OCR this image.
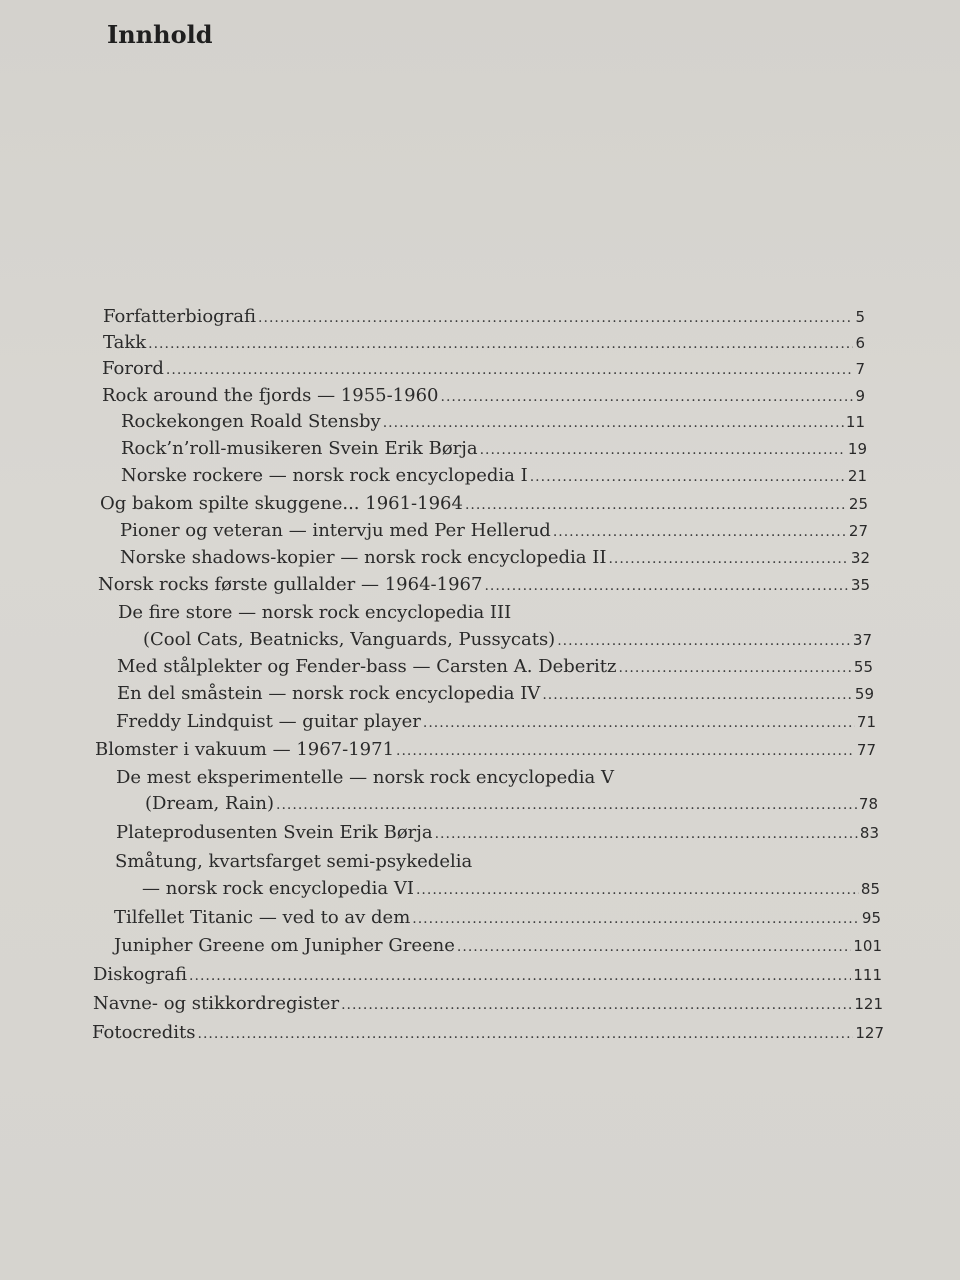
Innhold
Forfatterbiografi .....	5
Takk .....	6
Forord .....	7
Rock around the fjords — 1955-1960 .....	9
Rockekongen Roald Stensby .....	11
Rock’n’roll-musikeren Svein Erik Børja .....	19
Norske rockere — norsk rock encyclopedia I .....	21
Og bakom spilte skuggene... 1961-1964 .....	25
Pioner og veteran — intervju med Per Hellerud .....	27
Norske shadows-kopier — norsk rock encyclopedia II .....	32
Norsk rocks første gullalder — 1964-1967 .....	35
De fire store — norsk rock encyclopedia III
(Cool Cats, Beatnicks, Vanguards, Pussycats) .....	37
Med stålplekter og Fender-bass — Carsten A. Deberitz .....	55
En del småstein — norsk rock encyclopedia IV .....	59
Freddy Lindquist — guitar player .....	71
Blomster i vakuum — 1967-1971 .....	77
De mest eksperimentelle — norsk rock encyclopedia V
(Dream, Rain) .....	78
Plateprodusenten Svein Erik Børja .....	83
Småtung, kvartsfarget semi-psykedelia
— norsk rock encyclopedia VI .....	85
Tilfellet Titanic — ved to av dem .....	95
Junipher Greene om Junipher Greene .....	101
Diskografi .....	111
Navne- og stikkordregister .....	121
Fotocredits .....	127
